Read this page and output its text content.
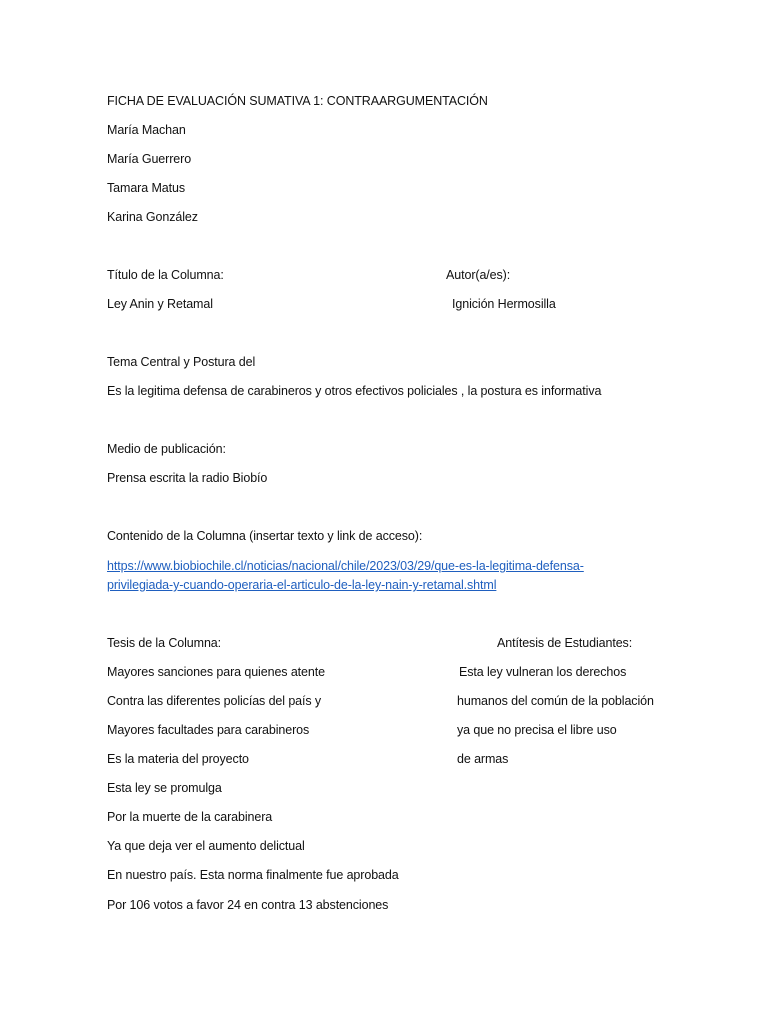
FICHA DE EVALUACIÓN SUMATIVA 1: CONTRAARGUMENTACIÓN
María Machan
María Guerrero
Tamara Matus
Karina González
Título de la Columna:	Autor(a/es):
Ley Anin y Retamal	Ignición Hermosilla
Tema Central y Postura del
Es la legitima defensa de carabineros y otros efectivos policiales , la postura es informativa
Medio de publicación:
Prensa escrita la radio Biobío
Contenido de la Columna (insertar texto y link de acceso):
https://www.biobiochile.cl/noticias/nacional/chile/2023/03/29/que-es-la-legitima-defensa-
privilegiada-y-cuando-operaria-el-articulo-de-la-ley-nain-y-retamal.shtml
Tesis de la Columna:	Antítesis de Estudiantes:
Mayores sanciones para quienes atente	Esta ley vulneran los derechos
Contra las diferentes policías del país y	humanos del común de la población
Mayores facultades para carabineros	ya que no precisa el libre uso
Es la materia del proyecto	de armas
Esta ley se promulga
Por la muerte de la carabinera
Ya que deja ver el aumento delictual
En nuestro país. Esta norma finalmente fue aprobada
Por 106 votos a favor 24 en contra 13 abstenciones
